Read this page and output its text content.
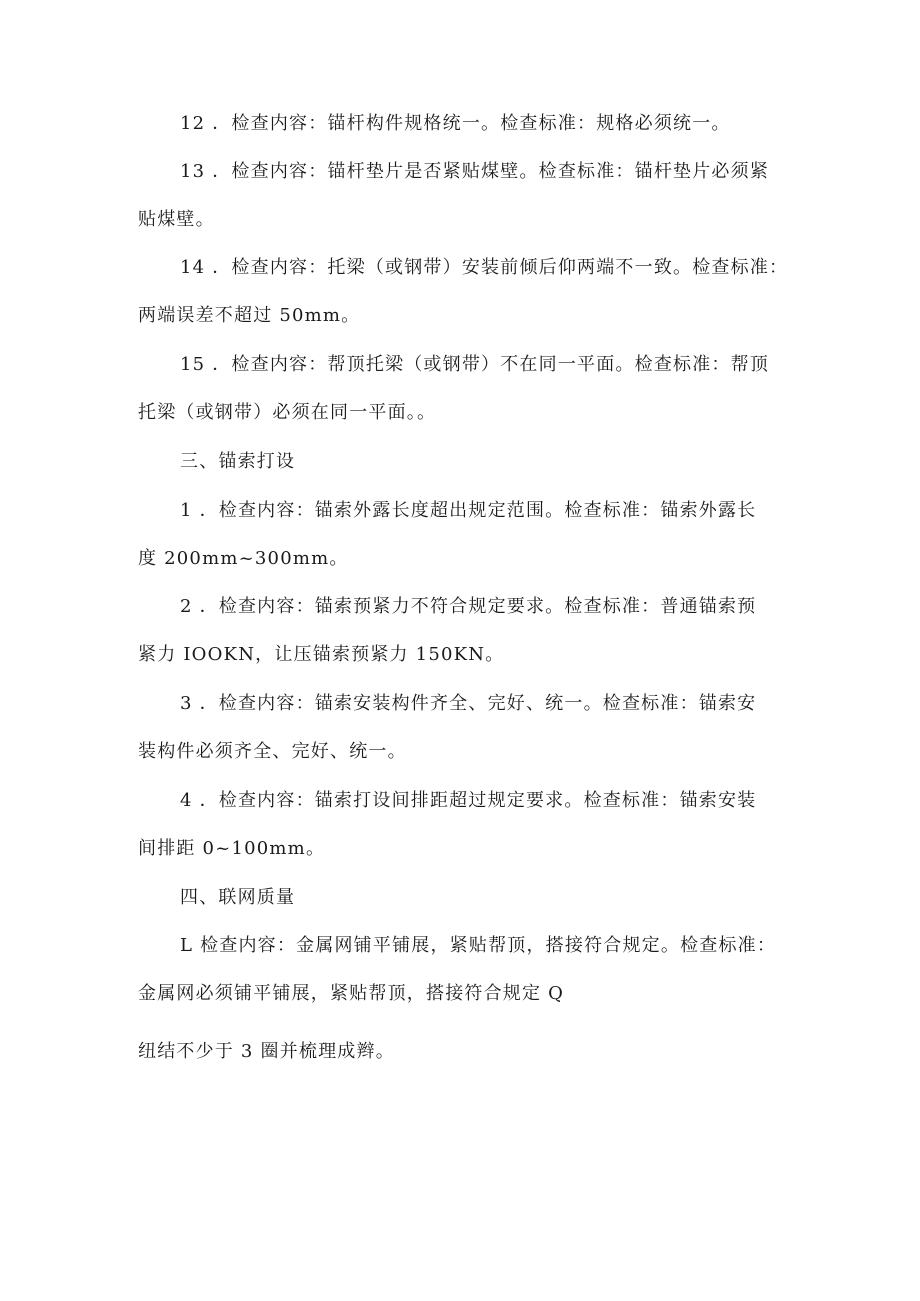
12 ．检查内容：锚杆构件规格统一。检查标准：规格必须统一。

13 ．检查内容：锚杆垫片是否紧贴煤壁。检查标准：锚杆垫片必须紧
贴煤壁。

14 ．检查内容：托梁（或钢带）安装前倾后仰两端不一致。检查标准：
两端误差不超过 50mm。

15 ．检查内容：帮顶托梁（或钢带）不在同一平面。检查标准：帮顶
托梁（或钢带）必须在同一平面。。

三、锚索打设

1 ．检查内容：锚索外露长度超出规定范围。检查标准：锚索外露长
度 200mm~300mm。

2 ．检查内容：锚索预紧力不符合规定要求。检查标准：普通锚索预
紧力 IOOKN，让压锚索预紧力 150KN。

3 ．检查内容：锚索安装构件齐全、完好、统一。检查标准：锚索安
装构件必须齐全、完好、统一。

4 ．检查内容：锚索打设间排距超过规定要求。检查标准：锚索安装
间排距 0~100mm。

四、联网质量

L 检查内容：金属网铺平铺展，紧贴帮顶，搭接符合规定。检查标准：
金属网必须铺平铺展，紧贴帮顶，搭接符合规定 Q

纽结不少于 3 圈并梳理成辫。
